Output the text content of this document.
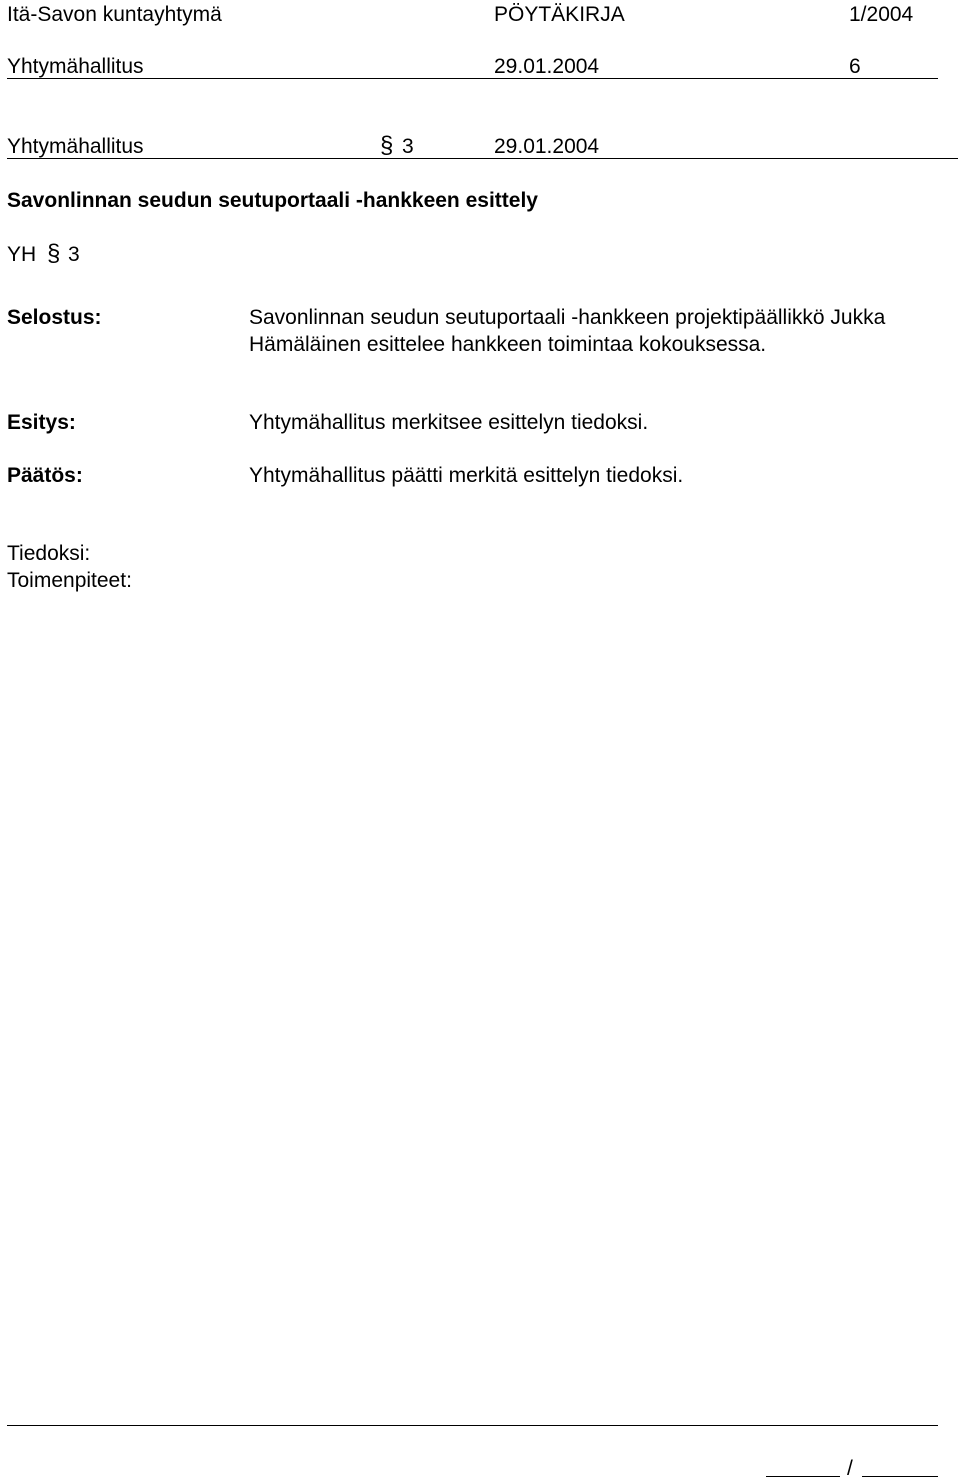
Itä-Savon kuntayhtymä	PÖYTÄKIRJA	1/2004
Yhtymähallitus	29.01.2004	6
Yhtymähallitus	§ 3	29.01.2004
Savonlinnan seudun seutuportaali -hankkeen esittely
YH § 3
Selostus:	Savonlinnan seudun seutuportaali -hankkeen projektipäällikkö Jukka
Hämäläinen esittelee hankkeen toimintaa kokouksessa.
Esitys:	Yhtymähallitus merkitsee esittelyn tiedoksi.
Päätös:	Yhtymähallitus päätti merkitä esittelyn tiedoksi.
Tiedoksi:
Toimenpiteet:
/
